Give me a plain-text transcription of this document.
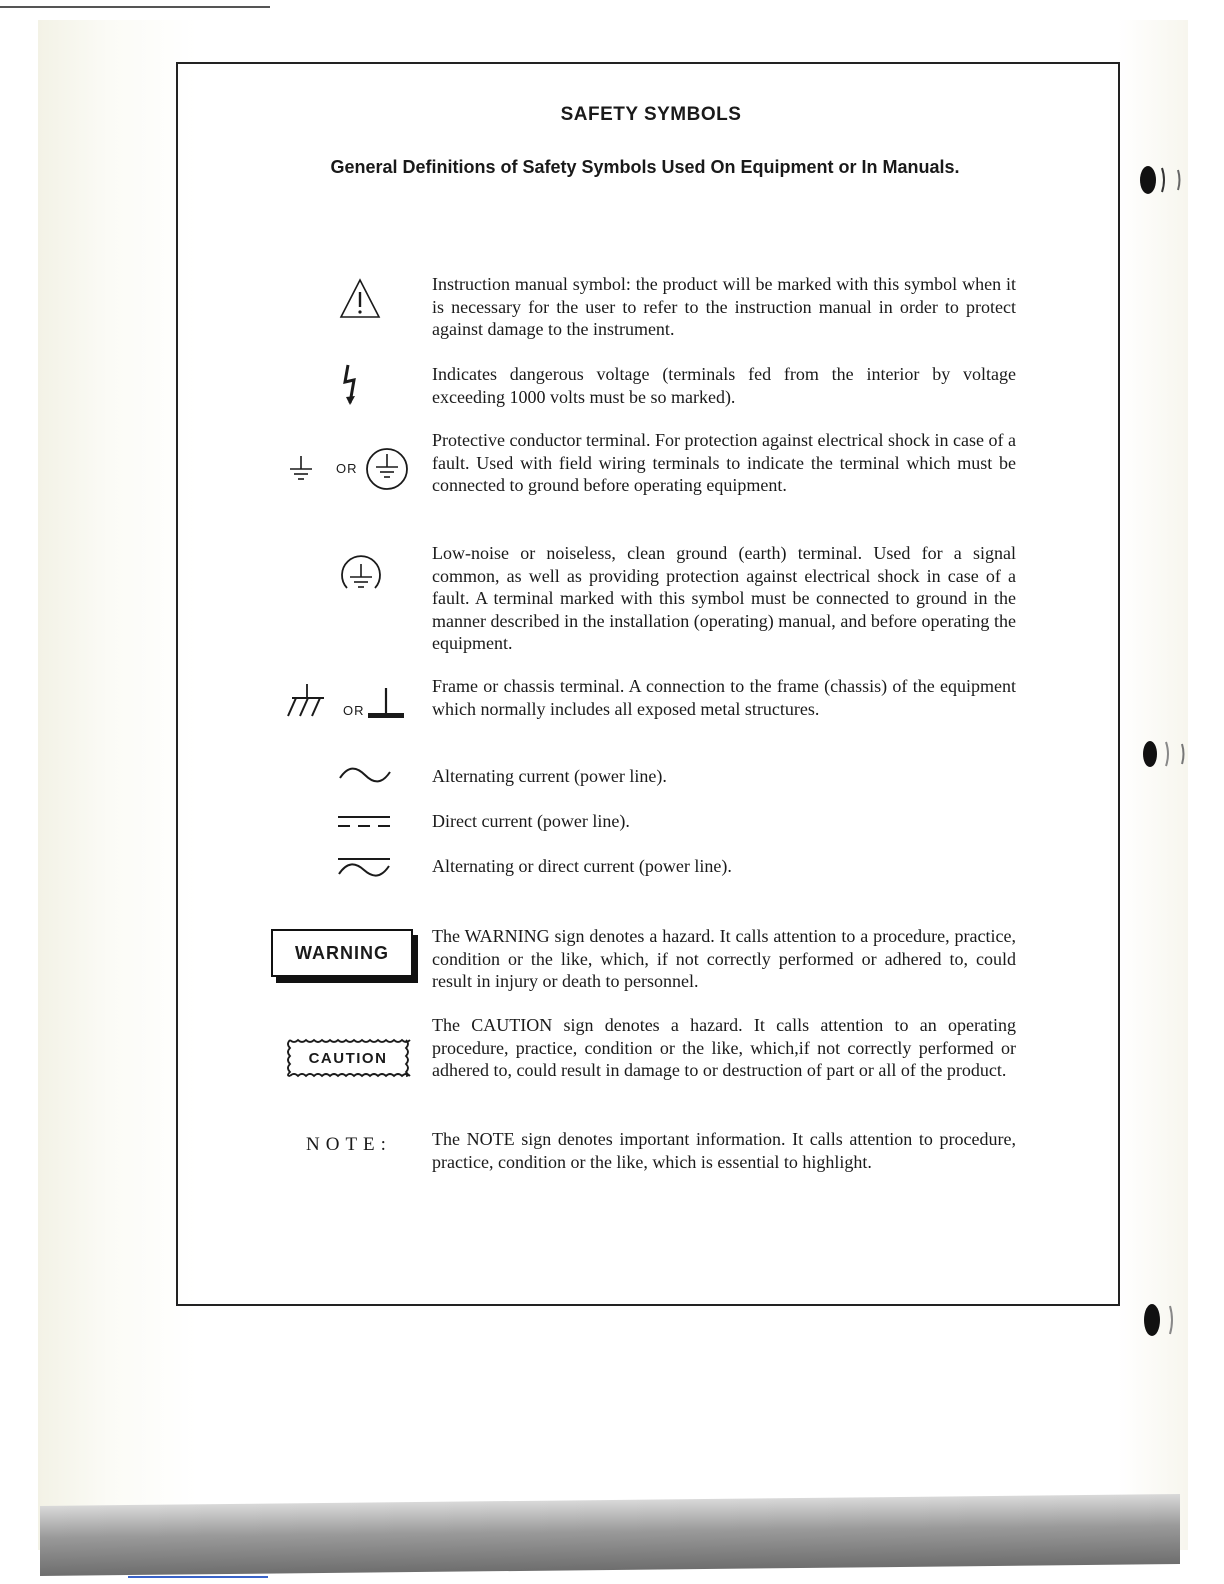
SAFETY SYMBOLS
General Definitions of Safety Symbols Used On Equipment or In Manuals.

Instruction manual symbol: the product will be marked with this symbol when it is necessary for the user to refer to the instruction manual in order to protect against damage to the instrument.

Indicates dangerous voltage (terminals fed from the interior by voltage exceeding 1000 volts must be so marked).

OR

Protective conductor terminal. For protection against electrical shock in case of a fault. Used with field wiring terminals to indicate the terminal which must be connected to ground before operating equipment.

Low-noise or noiseless, clean ground (earth) terminal. Used for a signal common, as well as providing protection against electrical shock in case of a fault. A terminal marked with this symbol must be connected to ground in the manner described in the installation (operating) manual, and before operating the equipment.

OR

Frame or chassis terminal. A connection to the frame (chassis) of the equipment which normally includes all exposed metal structures.

Alternating current (power line).

Direct current (power line).

Alternating or direct current (power line).

WARNING

The WARNING sign denotes a hazard. It calls attention to a procedure, practice, condition or the like, which, if not correctly performed or adhered to, could result in injury or death to personnel.

CAUTION

The CAUTION sign denotes a hazard. It calls attention to an operating procedure, practice, condition or the like, which,if not correctly performed or adhered to, could result in damage to or destruction of part or all of the product.

NOTE: The NOTE sign denotes important information. It calls attention to procedure, practice, condition or the like, which is essential to highlight.
